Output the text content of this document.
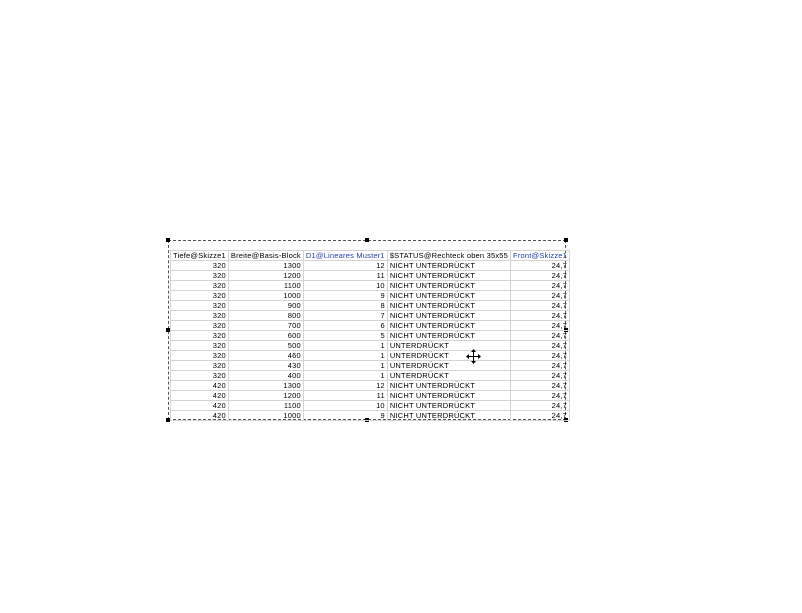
Tiefe@Skizze1	Breite@Basis-Block	D1@Lineares Muster1	$STATUS@Rechteck oben 35x55	Front@Skizze1
320	1300	12	NICHT UNTERDRÜCKT	24,7
320	1200	11	NICHT UNTERDRÜCKT	24,7
320	1100	10	NICHT UNTERDRÜCKT	24,7
320	1000	9	NICHT UNTERDRÜCKT	24,7
320	900	8	NICHT UNTERDRÜCKT	24,7
320	800	7	NICHT UNTERDRÜCKT	24,7
320	700	6	NICHT UNTERDRÜCKT	24,7
320	600	5	NICHT UNTERDRÜCKT	24,7
320	500	1	UNTERDRÜCKT	24,7
320	460	1	UNTERDRÜCKT	24,7
320	430	1	UNTERDRÜCKT	24,7
320	400	1	UNTERDRÜCKT	24,7
420	1300	12	NICHT UNTERDRÜCKT	24,7
420	1200	11	NICHT UNTERDRÜCKT	24,7
420	1100	10	NICHT UNTERDRÜCKT	24,7
420	1000	9	NICHT UNTERDRÜCKT	24,7
